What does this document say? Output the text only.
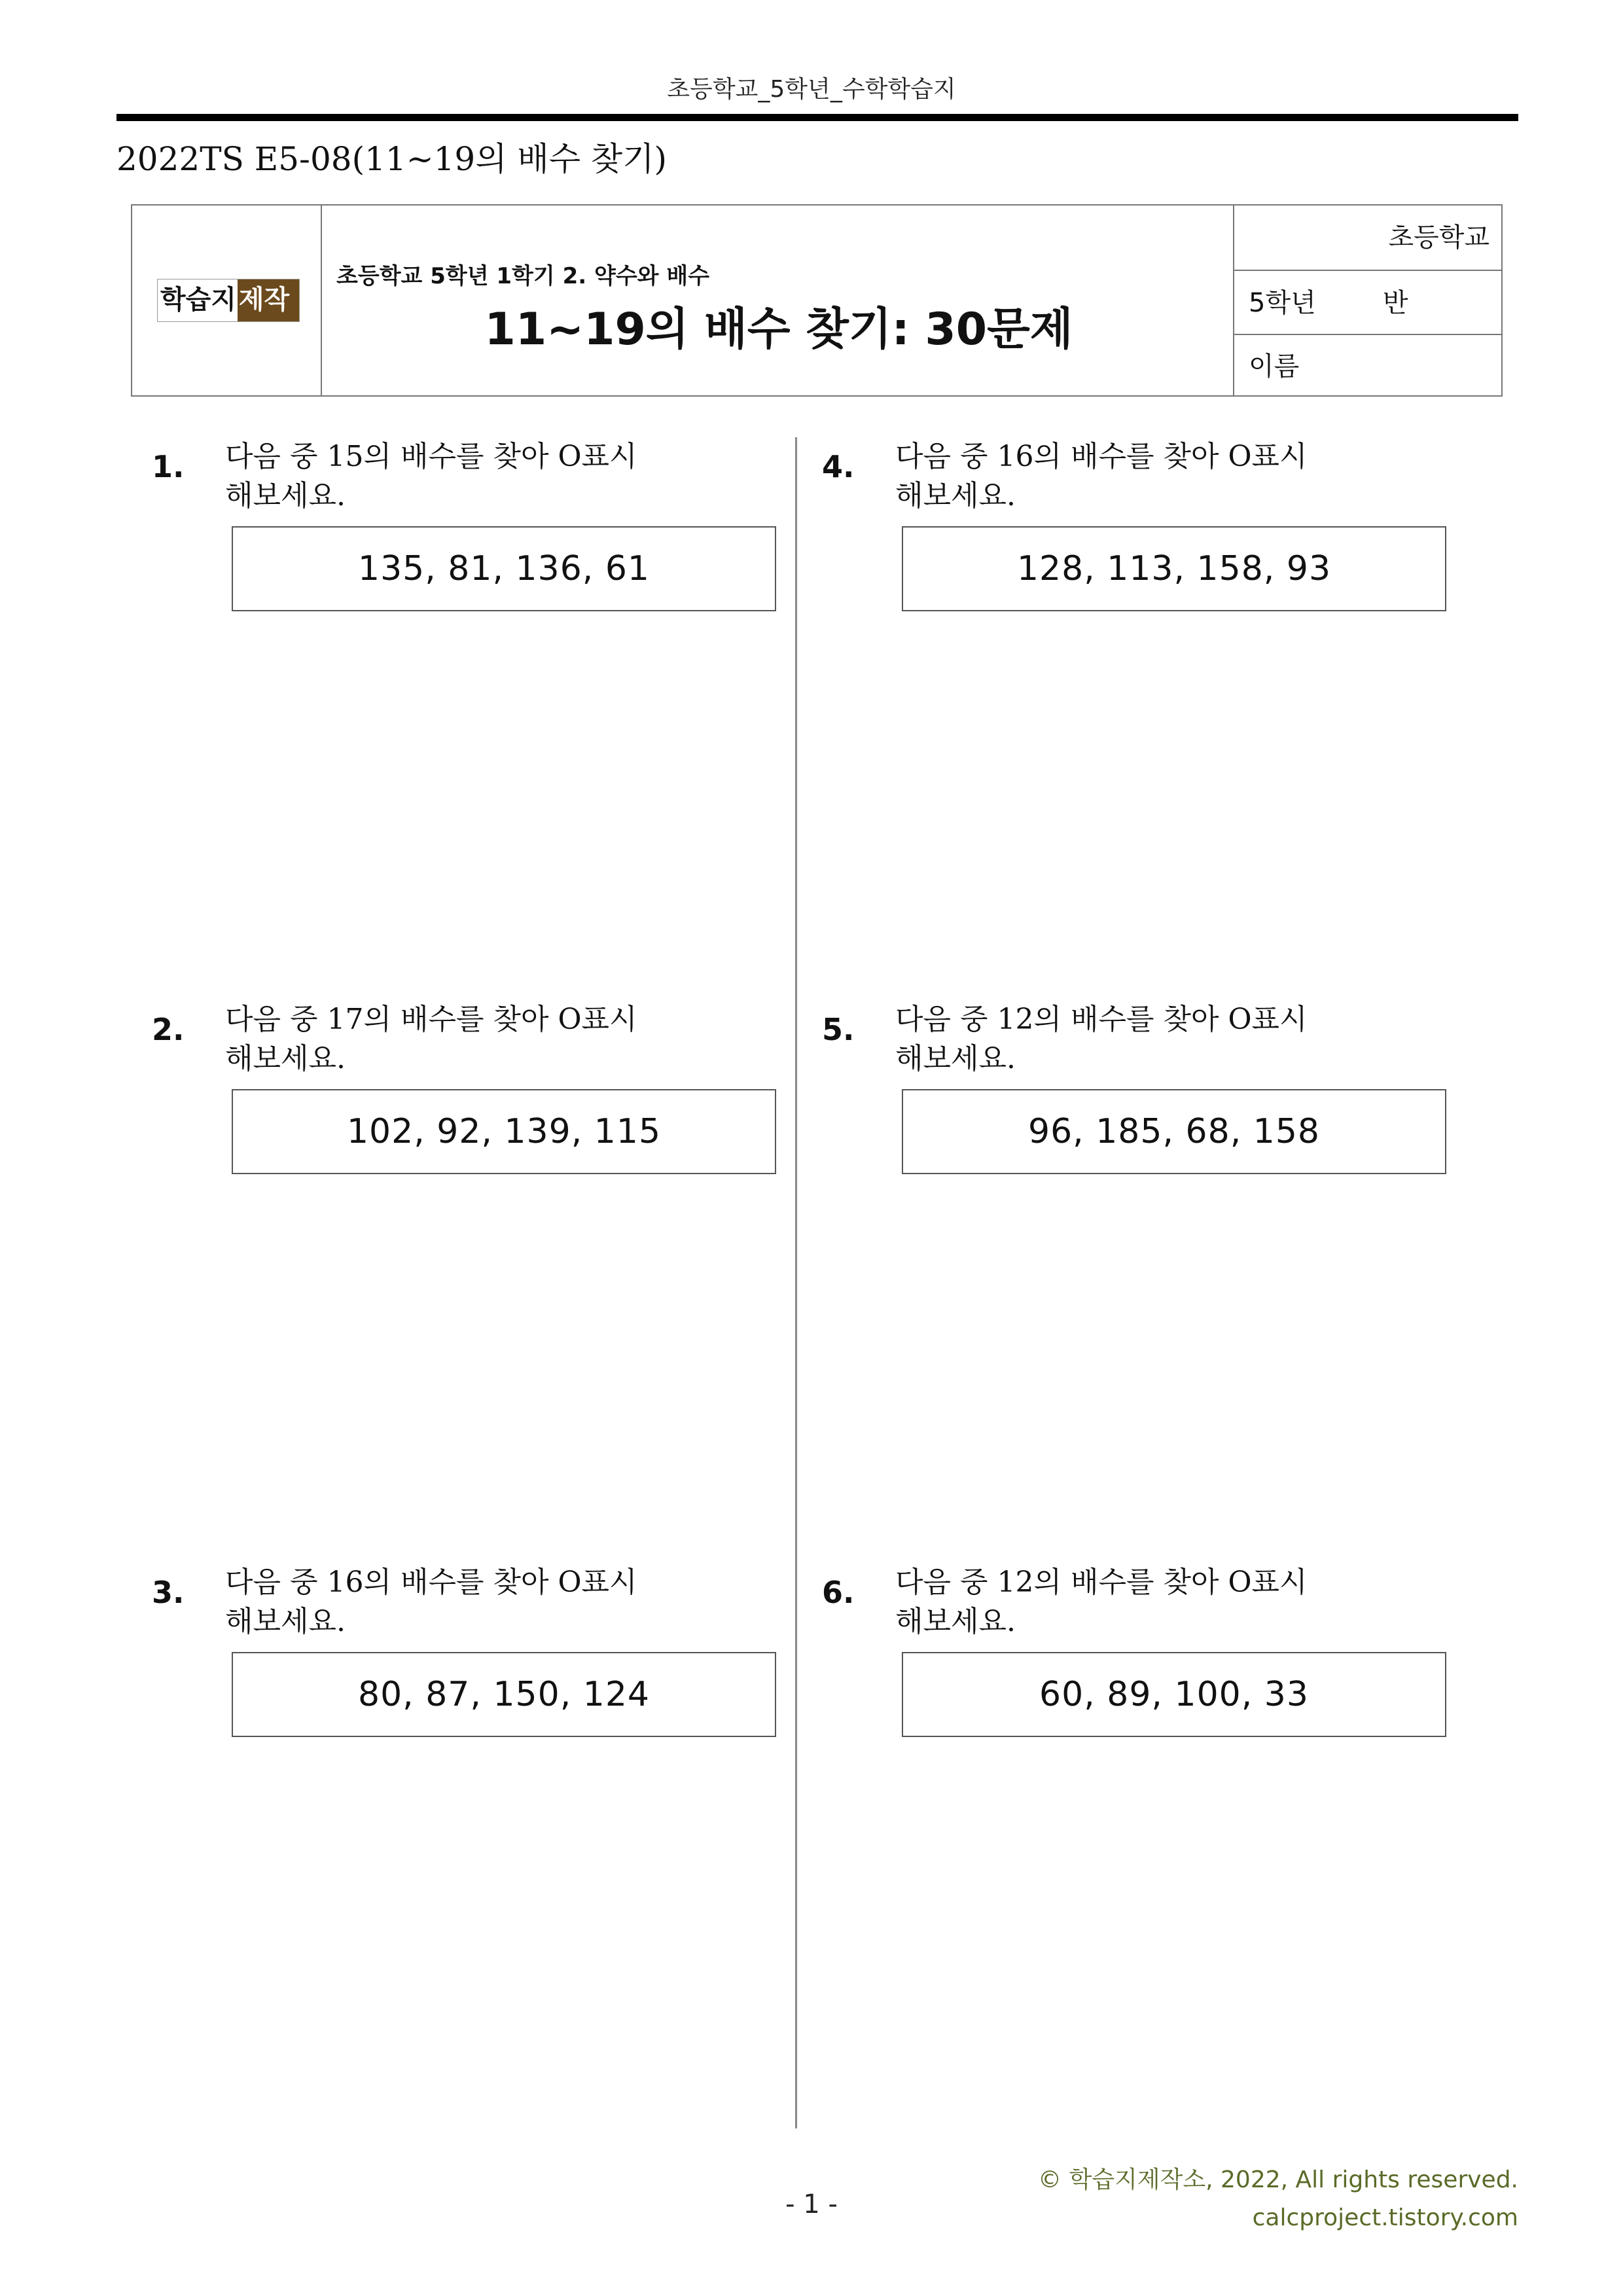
초등학교_5학년_수학학습지
2022TS E5-08(11~19의 배수 찾기)
학습지 제작소
초등학교 5학년 1학기 2. 약수와 배수
11~19의 배수 찾기: 30문제
초등학교
5학년	반
이름
1. 다음 중 15의 배수를 찾아 O표시
해보세요.
135, 81, 136, 61
2. 다음 중 17의 배수를 찾아 O표시
해보세요.
102, 92, 139, 115
3. 다음 중 16의 배수를 찾아 O표시
해보세요.
80, 87, 150, 124
4. 다음 중 16의 배수를 찾아 O표시
해보세요.
128, 113, 158, 93
5. 다음 중 12의 배수를 찾아 O표시
해보세요.
96, 185, 68, 158
6. 다음 중 12의 배수를 찾아 O표시
해보세요.
60, 89, 100, 33
© 학습지제작소, 2022, All rights reserved.
calcproject.tistory.com
- 1 -
